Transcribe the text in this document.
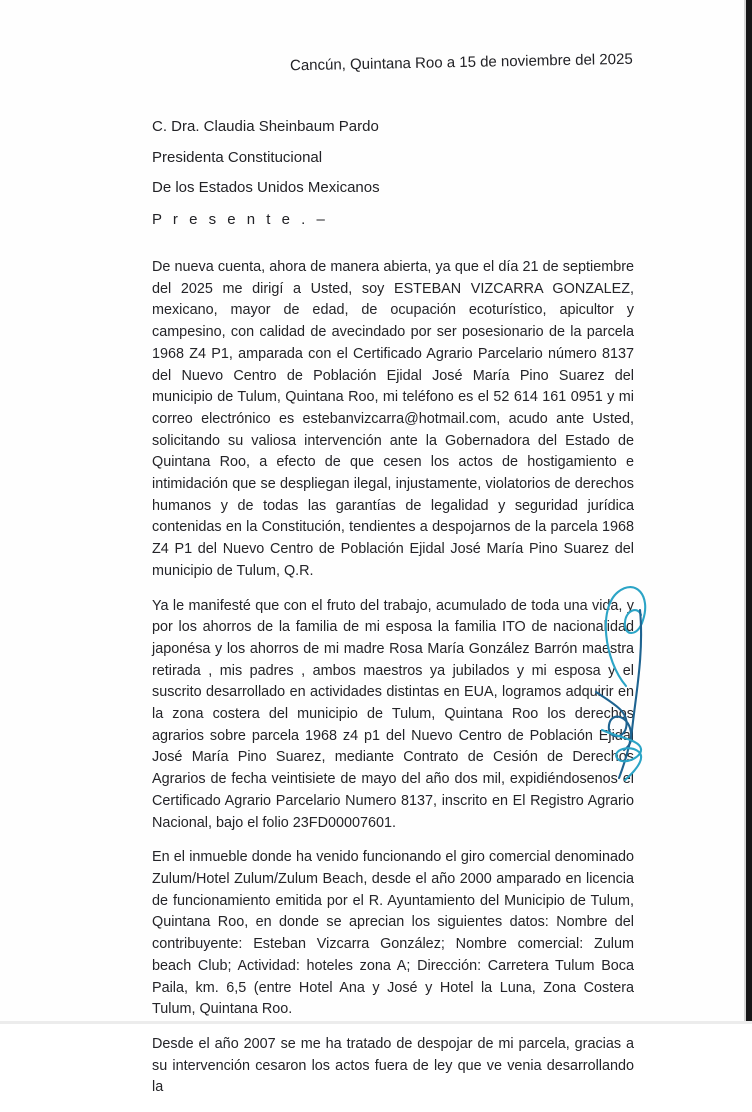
Cancún, Quintana Roo a 15 de noviembre del 2025
C. Dra. Claudia Sheinbaum Pardo
Presidenta Constitucional
De los Estados Unidos Mexicanos
P r e s e n t e . –

De nueva cuenta, ahora de manera abierta, ya que el día 21 de septiembre del 2025 me dirigí a Usted, soy ESTEBAN VIZCARRA GONZALEZ, mexicano, mayor de edad, de ocupación ecoturístico, apicultor y campesino, con calidad de avecindado por ser posesionario de la parcela 1968 Z4 P1, amparada con el Certificado Agrario Parcelario número 8137 del Nuevo Centro de Población Ejidal José María Pino Suarez del municipio de Tulum, Quintana Roo, mi teléfono es el 52 614 161 0951 y mi correo electrónico es estebanvizcarra@hotmail.com, acudo ante Usted, solicitando su valiosa intervención ante la Gobernadora del Estado de Quintana Roo, a efecto de que cesen los actos de hostigamiento e intimidación que se despliegan ilegal, injustamente, violatorios de derechos humanos y de todas las garantías de legalidad y seguridad jurídica contenidas en la Constitución, tendientes a despojarnos de la parcela 1968 Z4 P1 del Nuevo Centro de Población Ejidal José María Pino Suarez del municipio de Tulum, Q.R.

Ya le manifesté que con el fruto del trabajo, acumulado de toda una vida, y por los ahorros de la familia de mi esposa la familia ITO de nacionalidad japonésa y los ahorros de mi madre Rosa María González Barrón maestra retirada , mis padres , ambos maestros ya jubilados y mi esposa y el suscrito desarrollado en actividades distintas en EUA, logramos adquirir en la zona costera del municipio de Tulum, Quintana Roo los derechos agrarios sobre parcela 1968 z4 p1 del Nuevo Centro de Población Ejidal José María Pino Suarez, mediante Contrato de Cesión de Derechos Agrarios de fecha veintisiete de mayo del año dos mil, expidiéndosenos el Certificado Agrario Parcelario Numero 8137, inscrito en El Registro Agrario Nacional, bajo el folio 23FD00007601.

En el inmueble donde ha venido funcionando el giro comercial denominado Zulum/Hotel Zulum/Zulum Beach, desde el año 2000 amparado en licencia de funcionamiento emitida por el R. Ayuntamiento del Municipio de Tulum, Quintana Roo, en donde se aprecian los siguientes datos: Nombre del contribuyente: Esteban Vizcarra González; Nombre comercial: Zulum beach Club; Actividad: hoteles zona A; Dirección: Carretera Tulum Boca Paila, km. 6,5 (entre Hotel Ana y José y Hotel la Luna, Zona Costera Tulum, Quintana Roo.

Desde el año 2007 se me ha tratado de despojar de mi parcela, gracias a su intervención cesaron los actos fuera de ley que ve venia desarrollando la
